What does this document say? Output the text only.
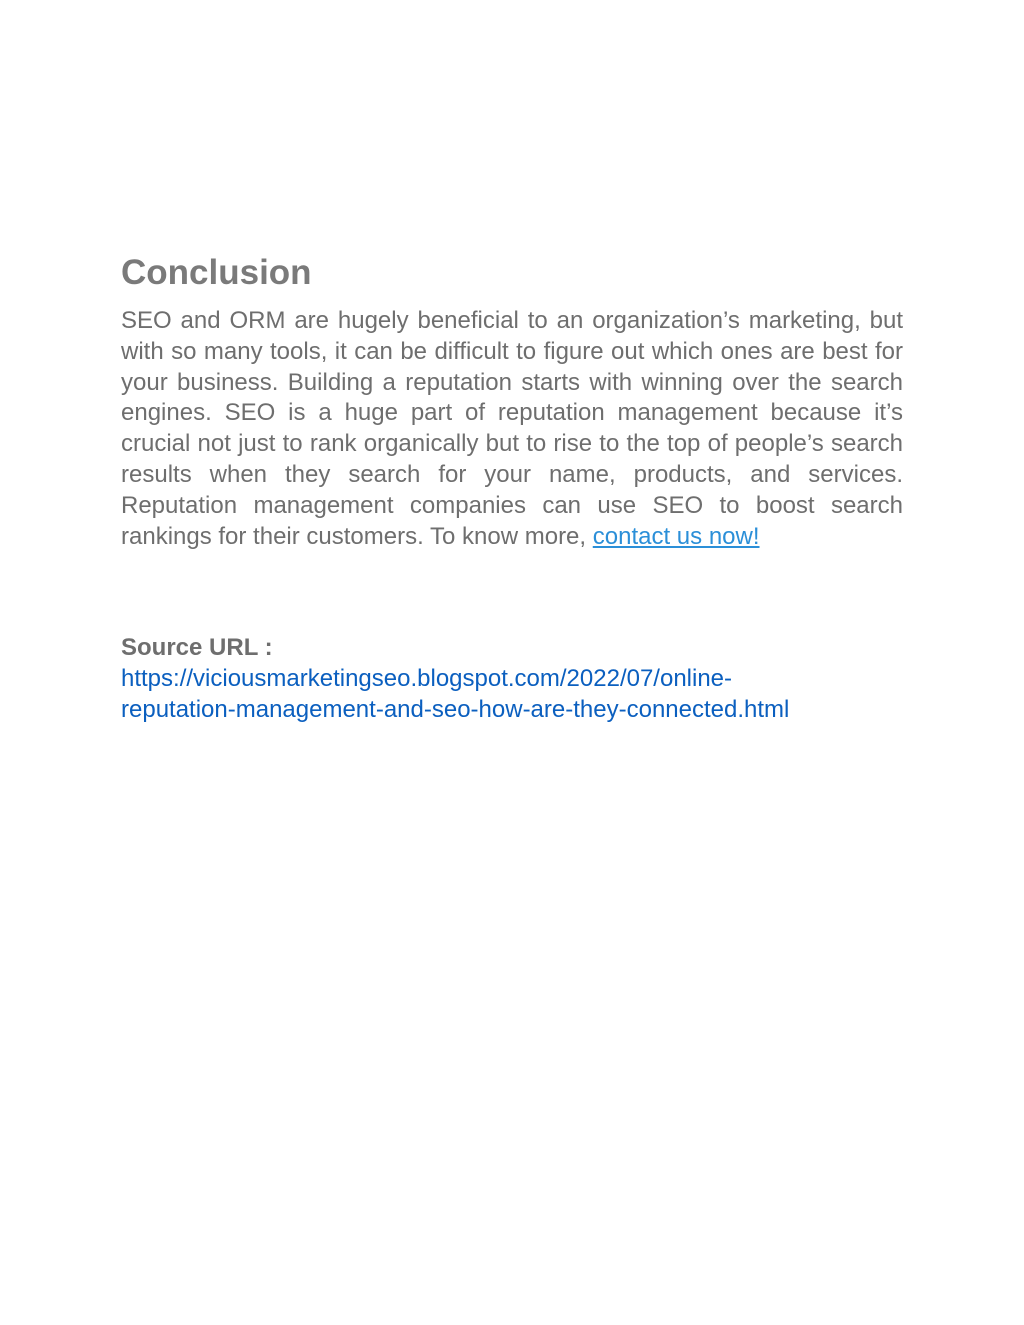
Conclusion

SEO and ORM are hugely beneficial to an organization’s marketing, but with so many tools, it can be difficult to figure out which ones are best for your business. Building a reputation starts with winning over the search engines. SEO is a huge part of reputation management because it’s crucial not just to rank organically but to rise to the top of people’s search results when they search for your name, products, and services. Reputation management companies can use SEO to boost search rankings for their customers. To know more, contact us now!

Source URL :
https://viciousmarketingseo.blogspot.com/2022/07/online-
reputation-management-and-seo-how-are-they-connected.html
